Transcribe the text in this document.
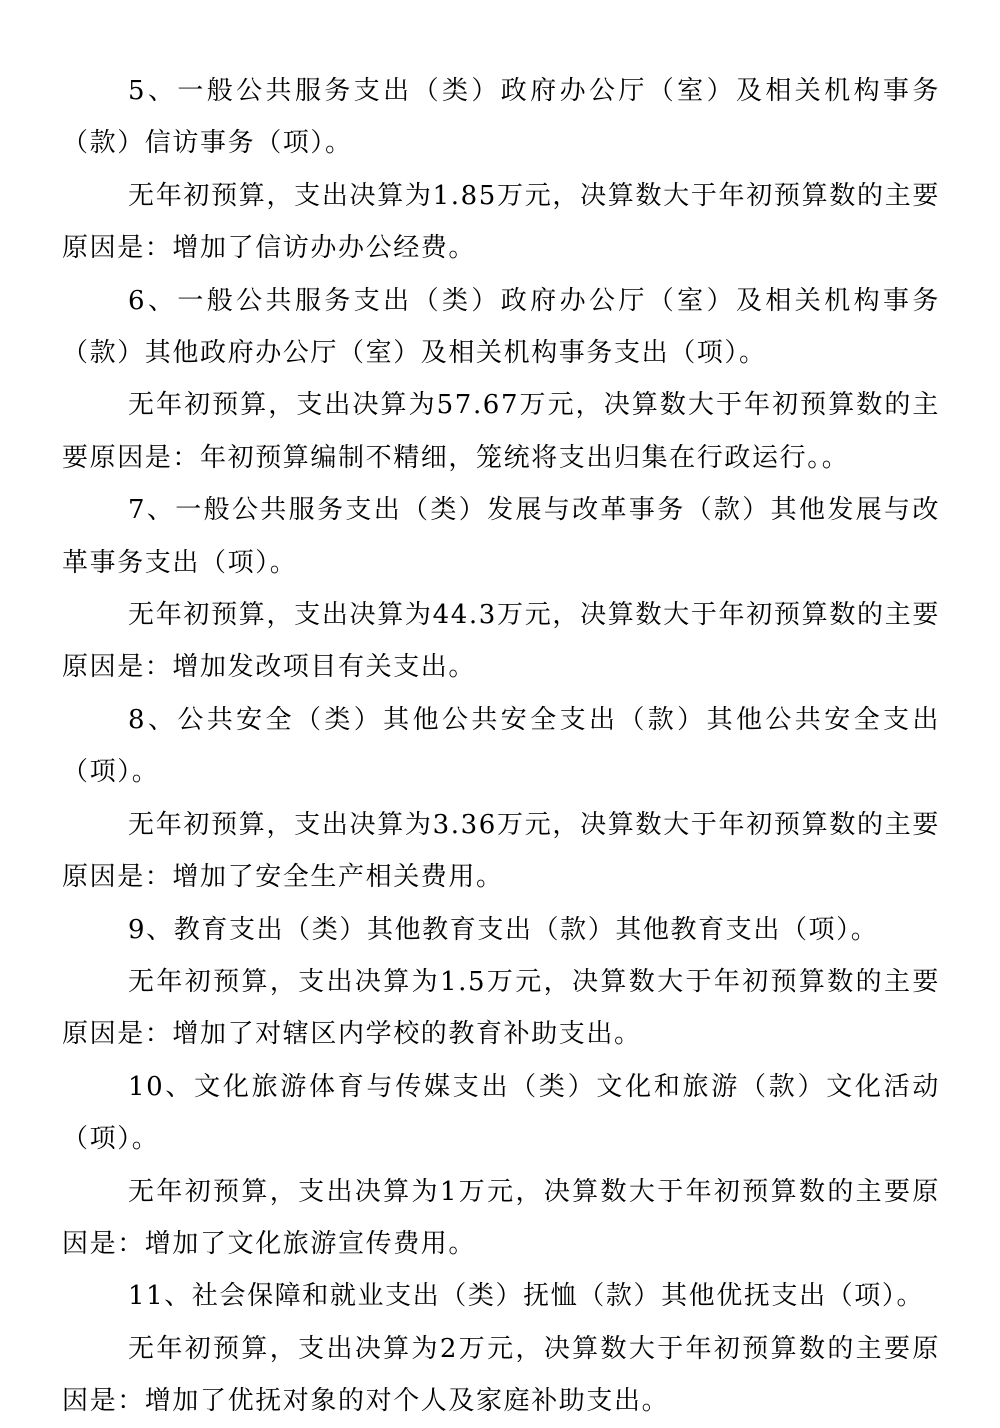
5、一般公共服务支出（类）政府办公厅（室）及相关机构事务（款）信访事务（项）。

无年初预算，支出决算为1.85万元，决算数大于年初预算数的主要原因是：增加了信访办办公经费。

6、一般公共服务支出（类）政府办公厅（室）及相关机构事务（款）其他政府办公厅（室）及相关机构事务支出（项）。

无年初预算，支出决算为57.67万元，决算数大于年初预算数的主要原因是：年初预算编制不精细，笼统将支出归集在行政运行。。

7、一般公共服务支出（类）发展与改革事务（款）其他发展与改革事务支出（项）。

无年初预算，支出决算为44.3万元，决算数大于年初预算数的主要原因是：增加发改项目有关支出。

8、公共安全（类）其他公共安全支出（款）其他公共安全支出（项）。

无年初预算，支出决算为3.36万元，决算数大于年初预算数的主要原因是：增加了安全生产相关费用。

9、教育支出（类）其他教育支出（款）其他教育支出（项）。

无年初预算，支出决算为1.5万元，决算数大于年初预算数的主要原因是：增加了对辖区内学校的教育补助支出。

10、文化旅游体育与传媒支出（类）文化和旅游（款）文化活动（项）。

无年初预算，支出决算为1万元，决算数大于年初预算数的主要原因是：增加了文化旅游宣传费用。

11、社会保障和就业支出（类）抚恤（款）其他优抚支出（项）。

无年初预算，支出决算为2万元，决算数大于年初预算数的主要原因是：增加了优抚对象的对个人及家庭补助支出。
